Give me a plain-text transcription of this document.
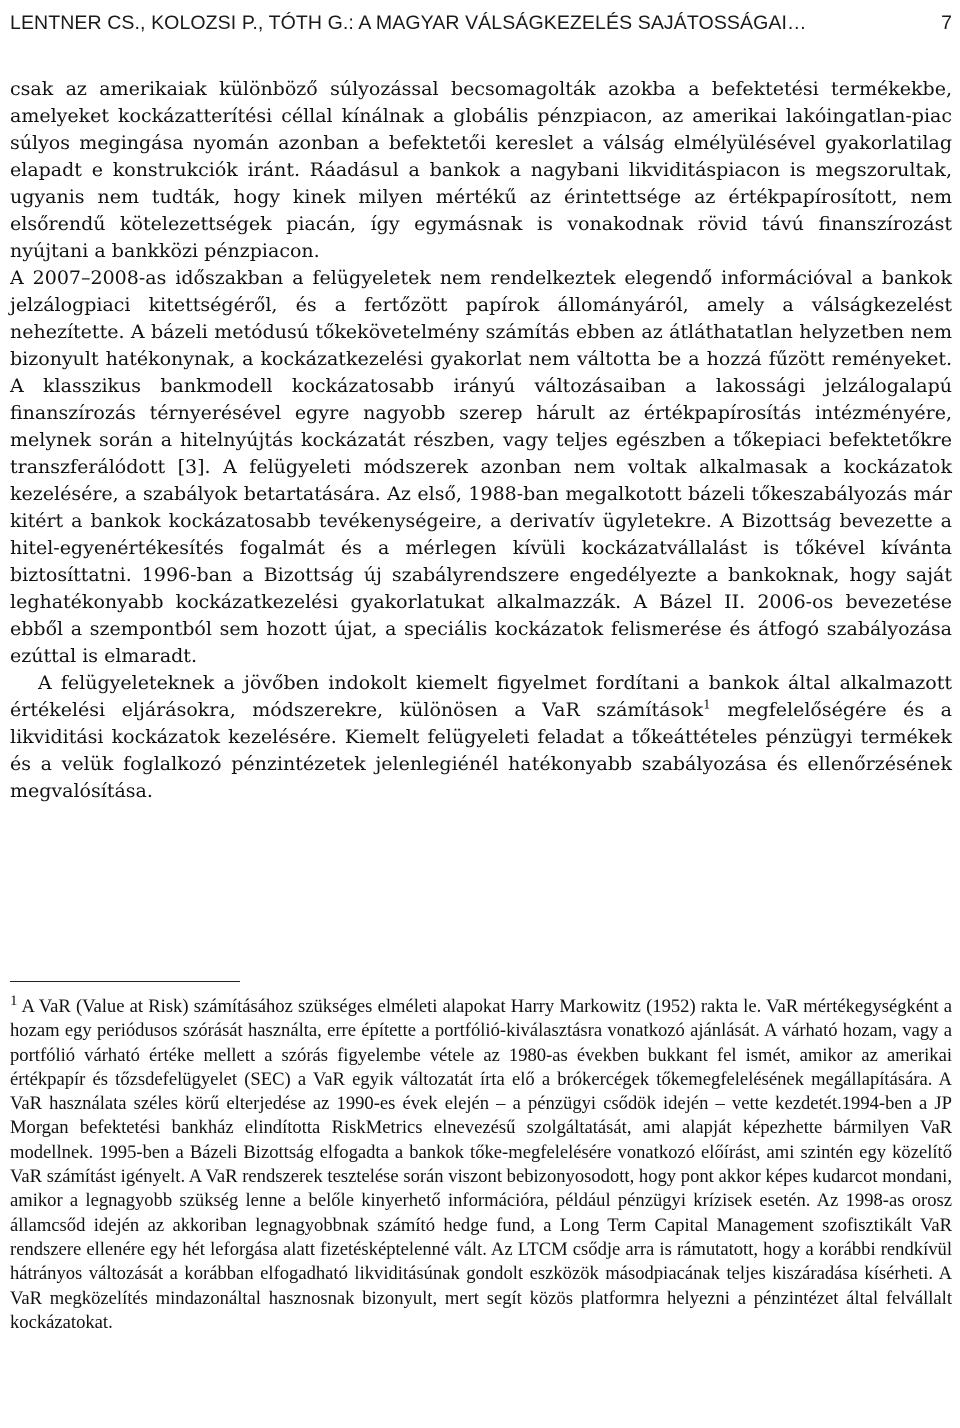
LENTNER CS., KOLOZSI P., TÓTH G.: A MAGYAR VÁLSÁGKEZELÉS SAJÁTOSSÁGAI…	7

csak az amerikaiak különböző súlyozással becsomagolták azokba a befektetési termékekbe, amelyeket kockázatterítési céllal kínálnak a globális pénzpiacon, az amerikai lakóingatlan-piac súlyos megingása nyomán azonban a befektetői kereslet a válság elmélyülésével gyakorlatilag elapadt e konstrukciók iránt. Ráadásul a bankok a nagybani likviditáspiacon is megszorultak, ugyanis nem tudták, hogy kinek milyen mértékű az érintettsége az értékpapírosított, nem elsőrendű kötelezettségek piacán, így egymásnak is vonakodnak rövid távú finanszírozást nyújtani a bankközi pénzpiacon.

A 2007–2008-as időszakban a felügyeletek nem rendelkeztek elegendő információval a bankok jelzálogpiaci kitettségéről, és a fertőzött papírok állományáról, amely a válságkezelést nehezítette. A bázeli metódusú tőkekövetelmény számítás ebben az átláthatatlan helyzetben nem bizonyult hatékonynak, a kockázatkezelési gyakorlat nem váltotta be a hozzá fűzött reményeket. A klasszikus bankmodell kockázatosabb irányú változásaiban a lakossági jelzálogalapú finanszírozás térnyerésével egyre nagyobb szerep hárult az értékpapírosítás intézményére, melynek során a hitelnyújtás kockázatát részben, vagy teljes egészben a tőkepiaci befektetőkre transzferálódott [3]. A felügyeleti módszerek azonban nem voltak alkalmasak a kockázatok kezelésére, a szabályok betartatására. Az első, 1988-ban megalkotott bázeli tőkeszabályozás már kitért a bankok kockázatosabb tevékenységeire, a derivatív ügyletekre. A Bizottság bevezette a hitel-egyenértékesítés fogalmát és a mérlegen kívüli kockázatvállalást is tőkével kívánta biztosíttatni. 1996-ban a Bizottság új szabályrendszere engedélyezte a bankoknak, hogy saját leghatékonyabb kockázatkezelési gyakorlatukat alkalmazzák. A Bázel II. 2006-os bevezetése ebből a szempontból sem hozott újat, a speciális kockázatok felismerése és átfogó szabályozása ezúttal is elmaradt.

A felügyeleteknek a jövőben indokolt kiemelt figyelmet fordítani a bankok által alkalmazott értékelési eljárásokra, módszerekre, különösen a VaR számítások$^1$ megfelelőségére és a likviditási kockázatok kezelésére. Kiemelt felügyeleti feladat a tőkeáttételes pénzügyi termékek és a velük foglalkozó pénzintézetek jelenlegiénél hatékonyabb szabályozása és ellenőrzésének megvalósítása.

$^1$ A VaR (Value at Risk) számításához szükséges elméleti alapokat Harry Markowitz (1952) rakta le. VaR mértékegységként a hozam egy periódusos szórását használta, erre építette a portfólió-kiválasztásra vonatkozó ajánlását. A várható hozam, vagy a portfólió várható értéke mellett a szórás figyelembe vétele az 1980-as években bukkant fel ismét, amikor az amerikai értékpapír és tőzsdefelügyelet (SEC) a VaR egyik változatát írta elő a brókercégek tőkemegfelelésének megállapítására. A VaR használata széles körű elterjedése az 1990-es évek elején – a pénzügyi csődök idején – vette kezdetét.1994-ben a JP Morgan befektetési bankház elindította RiskMetrics elnevezésű szolgáltatását, ami alapját képezhette bármilyen VaR modellnek. 1995-ben a Bázeli Bizottság elfogadta a bankok tőke-megfelelésére vonatkozó előírást, ami szintén egy közelítő VaR számítást igényelt. A VaR rendszerek tesztelése során viszont bebizonyosodott, hogy pont akkor képes kudarcot mondani, amikor a legnagyobb szükség lenne a belőle kinyerhető információra, például pénzügyi krízisek esetén. Az 1998-as orosz államcsőd idején az akkoriban legnagyobbnak számító hedge fund, a Long Term Capital Management szofisztikált VaR rendszere ellenére egy hét leforgása alatt fizetésképtelenné vált. Az LTCM csődje arra is rámutatott, hogy a korábbi rendkívül hátrányos változását a korábban elfogadható likviditásúnak gondolt eszközök másodpiacának teljes kiszáradása kísérheti. A VaR megközelítés mindazonáltal hasznosnak bizonyult, mert segít közös platformra helyezni a pénzintézet által felvállalt kockázatokat.
